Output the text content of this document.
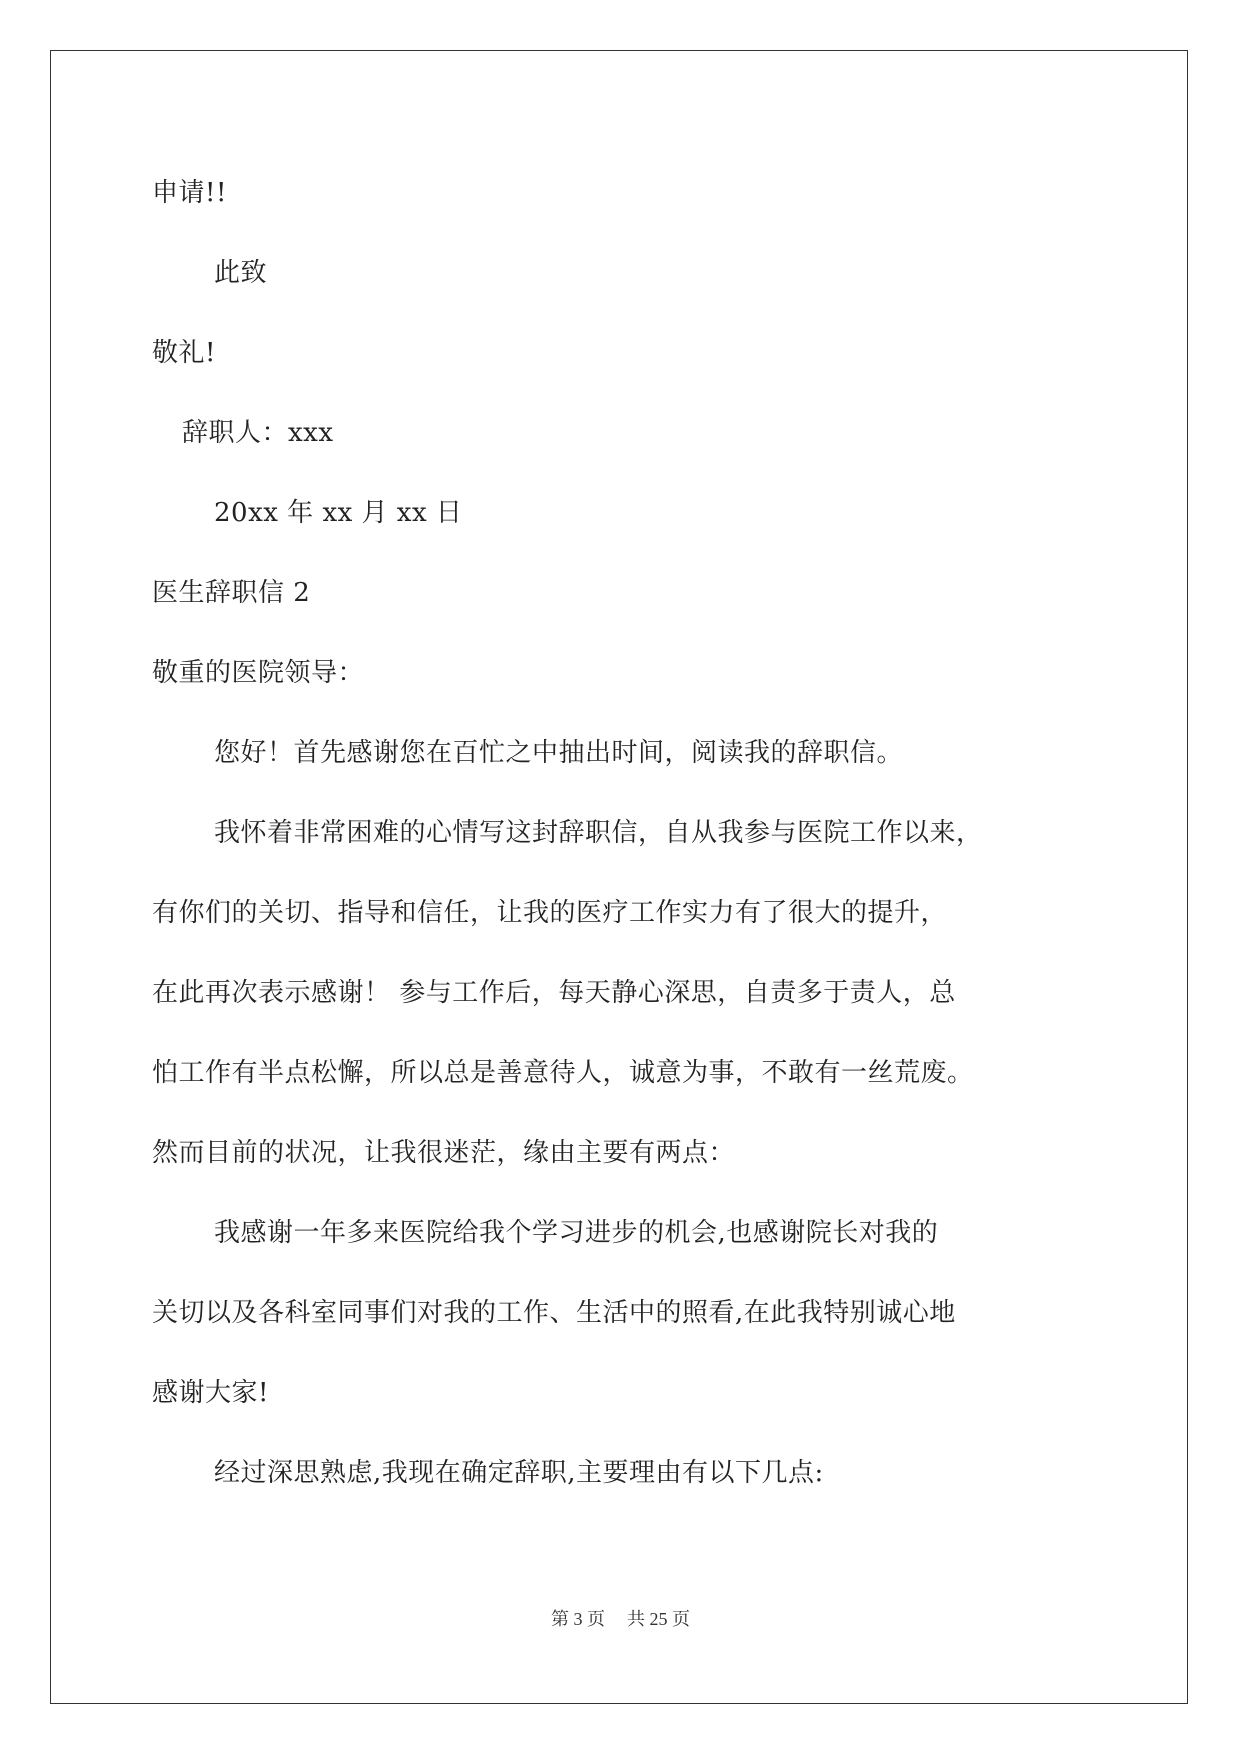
申请!!
此致
敬礼!
辞职人：xxx
20xx 年 xx 月 xx 日
医生辞职信 2
敬重的医院领导：
您好！首先感谢您在百忙之中抽出时间，阅读我的辞职信。
我怀着非常困难的心情写这封辞职信，自从我参与医院工作以来，
有你们的关切、指导和信任，让我的医疗工作实力有了很大的提升，
在此再次表示感谢！ 参与工作后，每天静心深思，自责多于责人，总
怕工作有半点松懈，所以总是善意待人，诚意为事，不敢有一丝荒废。
然而目前的状况，让我很迷茫，缘由主要有两点：
我感谢一年多来医院给我个学习进步的机会,也感谢院长对我的
关切以及各科室同事们对我的工作、生活中的照看,在此我特别诚心地
感谢大家!
经过深思熟虑,我现在确定辞职,主要理由有以下几点:
第 3 页 共 25 页
